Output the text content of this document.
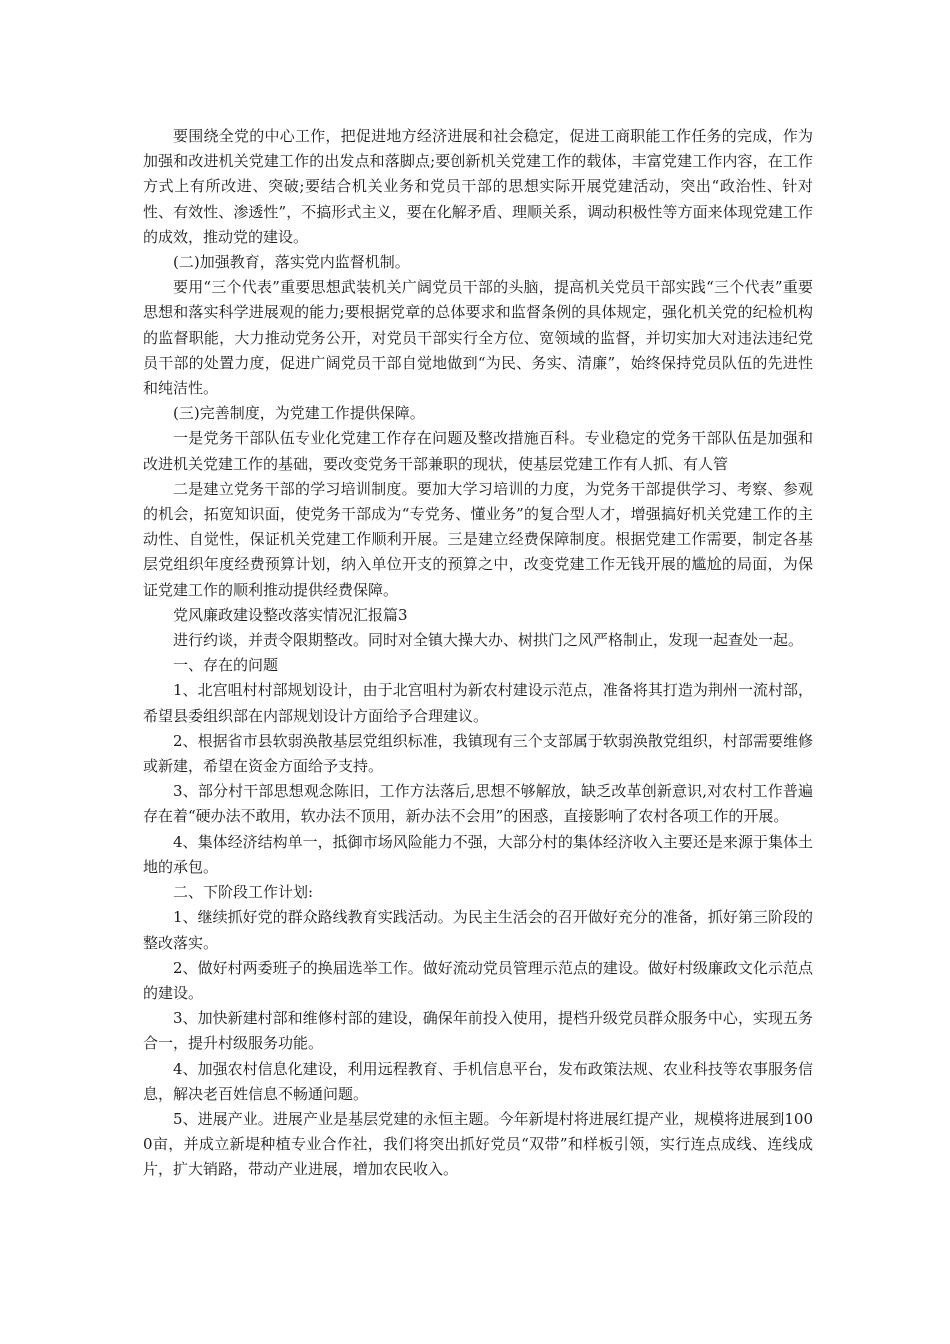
要围绕全党的中心工作，把促进地方经济进展和社会稳定，促进工商职能工作任务的完成，作为加强和改进机关党建工作的出发点和落脚点;要创新机关党建工作的载体，丰富党建工作内容，在工作方式上有所改进、突破;要结合机关业务和党员干部的思想实际开展党建活动，突出“政治性、针对性、有效性、渗透性”，不搞形式主义，要在化解矛盾、理顺关系，调动积极性等方面来体现党建工作的成效，推动党的建设。

(二)加强教育，落实党内监督机制。

要用“三个代表”重要思想武装机关广阔党员干部的头脑，提高机关党员干部实践“三个代表”重要思想和落实科学进展观的能力;要根据党章的总体要求和监督条例的具体规定，强化机关党的纪检机构的监督职能，大力推动党务公开，对党员干部实行全方位、宽领域的监督，并切实加大对违法违纪党员干部的处置力度，促进广阔党员干部自觉地做到“为民、务实、清廉”，始终保持党员队伍的先进性和纯洁性。

(三)完善制度，为党建工作提供保障。

一是党务干部队伍专业化党建工作存在问题及整改措施百科。专业稳定的党务干部队伍是加强和改进机关党建工作的基础，要改变党务干部兼职的现状，使基层党建工作有人抓、有人管

二是建立党务干部的学习培训制度。要加大学习培训的力度，为党务干部提供学习、考察、参观的机会，拓宽知识面，使党务干部成为“专党务、懂业务”的复合型人才，增强搞好机关党建工作的主动性、自觉性，保证机关党建工作顺利开展。三是建立经费保障制度。根据党建工作需要，制定各基层党组织年度经费预算计划，纳入单位开支的预算之中，改变党建工作无钱开展的尴尬的局面，为保证党建工作的顺利推动提供经费保障。

党风廉政建设整改落实情况汇报篇3

进行约谈，并责令限期整改。同时对全镇大操大办、树拱门之风严格制止，发现一起查处一起。

一、存在的问题

1、北宫咀村村部规划设计，由于北宫咀村为新农村建设示范点，准备将其打造为荆州一流村部，希望县委组织部在内部规划设计方面给予合理建议。

2、根据省市县软弱涣散基层党组织标准，我镇现有三个支部属于软弱涣散党组织，村部需要维修或新建，希望在资金方面给予支持。

3、部分村干部思想观念陈旧，工作方法落后,思想不够解放，缺乏改革创新意识,对农村工作普遍存在着“硬办法不敢用，软办法不顶用，新办法不会用”的困惑，直接影响了农村各项工作的开展。

4、集体经济结构单一，抵御市场风险能力不强，大部分村的集体经济收入主要还是来源于集体土地的承包。

二、下阶段工作计划:

1、继续抓好党的群众路线教育实践活动。为民主生活会的召开做好充分的准备，抓好第三阶段的整改落实。

2、做好村两委班子的换届选举工作。做好流动党员管理示范点的建设。做好村级廉政文化示范点的建设。

3、加快新建村部和维修村部的建设，确保年前投入使用，提档升级党员群众服务中心，实现五务合一，提升村级服务功能。

4、加强农村信息化建设，利用远程教育、手机信息平台，发布政策法规、农业科技等农事服务信息，解决老百姓信息不畅通问题。

5、进展产业。进展产业是基层党建的永恒主题。今年新堤村将进展红提产业，规模将进展到1000亩，并成立新堤种植专业合作社，我们将突出抓好党员“双带”和样板引领，实行连点成线、连线成片，扩大销路，带动产业进展，增加农民收入。
